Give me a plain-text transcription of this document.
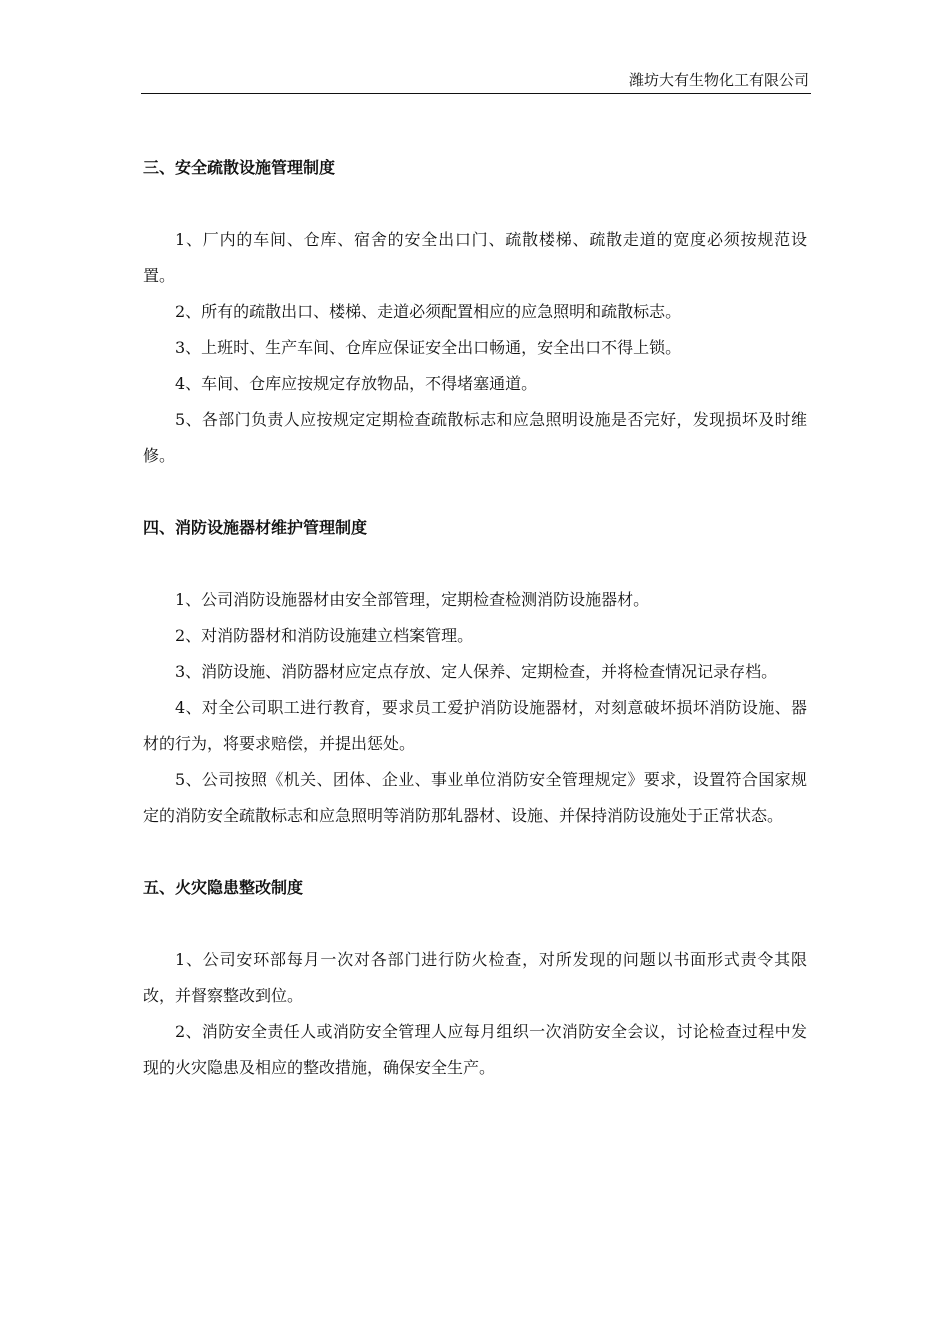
潍坊大有生物化工有限公司
三、安全疏散设施管理制度

1、厂内的车间、仓库、宿舍的安全出口门、疏散楼梯、疏散走道的宽度必须按规范设置。

2、所有的疏散出口、楼梯、走道必须配置相应的应急照明和疏散标志。

3、上班时、生产车间、仓库应保证安全出口畅通，安全出口不得上锁。

4、车间、仓库应按规定存放物品，不得堵塞通道。

5、各部门负责人应按规定定期检查疏散标志和应急照明设施是否完好，发现损坏及时维修。

四、消防设施器材维护管理制度

1、公司消防设施器材由安全部管理，定期检查检测消防设施器材。

2、对消防器材和消防设施建立档案管理。

3、消防设施、消防器材应定点存放、定人保养、定期检查，并将检查情况记录存档。

4、对全公司职工进行教育，要求员工爱护消防设施器材，对刻意破坏损坏消防设施、器材的行为，将要求赔偿，并提出惩处。

5、公司按照《机关、团体、企业、事业单位消防安全管理规定》要求，设置符合国家规定的消防安全疏散标志和应急照明等消防那轧器材、设施、并保持消防设施处于正常状态。

五、火灾隐患整改制度

1、公司安环部每月一次对各部门进行防火检查，对所发现的问题以书面形式责令其限改，并督察整改到位。

2、消防安全责任人或消防安全管理人应每月组织一次消防安全会议，讨论检查过程中发现的火灾隐患及相应的整改措施，确保安全生产。
